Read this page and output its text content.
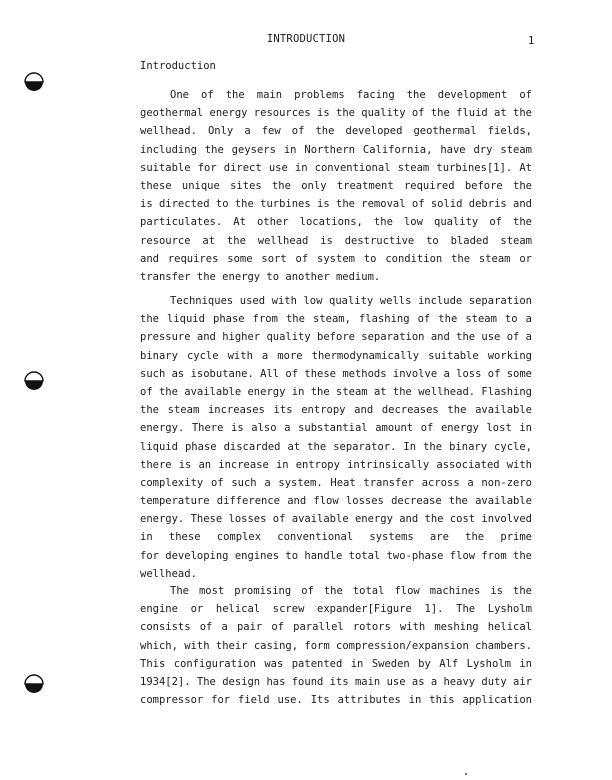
INTRODUCTION	1
Introduction
One of the main problems facing the development of
geothermal energy resources is the quality of the fluid at the
wellhead. Only a few of the developed geothermal fields,
including the geysers in Northern California, have dry steam
suitable for direct use in conventional steam turbines[1]. At
these unique sites the only treatment required before the
is directed to the turbines is the removal of solid debris and
particulates. At other locations, the low quality of the
resource at the wellhead is destructive to bladed steam
and requires some sort of system to condition the steam or
transfer the energy to another medium.
Techniques used with low quality wells include separation
the liquid phase from the steam, flashing of the steam to a
pressure and higher quality before separation and the use of a
binary cycle with a more thermodynamically suitable working
such as isobutane. All of these methods involve a loss of some
of the available energy in the steam at the wellhead. Flashing
the steam increases its entropy and decreases the available
energy. There is also a substantial amount of energy lost in
liquid phase discarded at the separator. In the binary cycle,
there is an increase in entropy intrinsically associated with
complexity of such a system. Heat transfer across a non-zero
temperature difference and flow losses decrease the available
energy. These losses of available energy and the cost involved
in these complex conventional systems are the prime
for developing engines to handle total two-phase flow from the
wellhead.
The most promising of the total flow machines is the
engine or helical screw expander[Figure 1]. The Lysholm
consists of a pair of parallel rotors with meshing helical
which, with their casing, form compression/expansion chambers.
This configuration was patented in Sweden by Alf Lysholm in
1934[2]. The design has found its main use as a heavy duty air
compressor for field use. Its attributes in this application
